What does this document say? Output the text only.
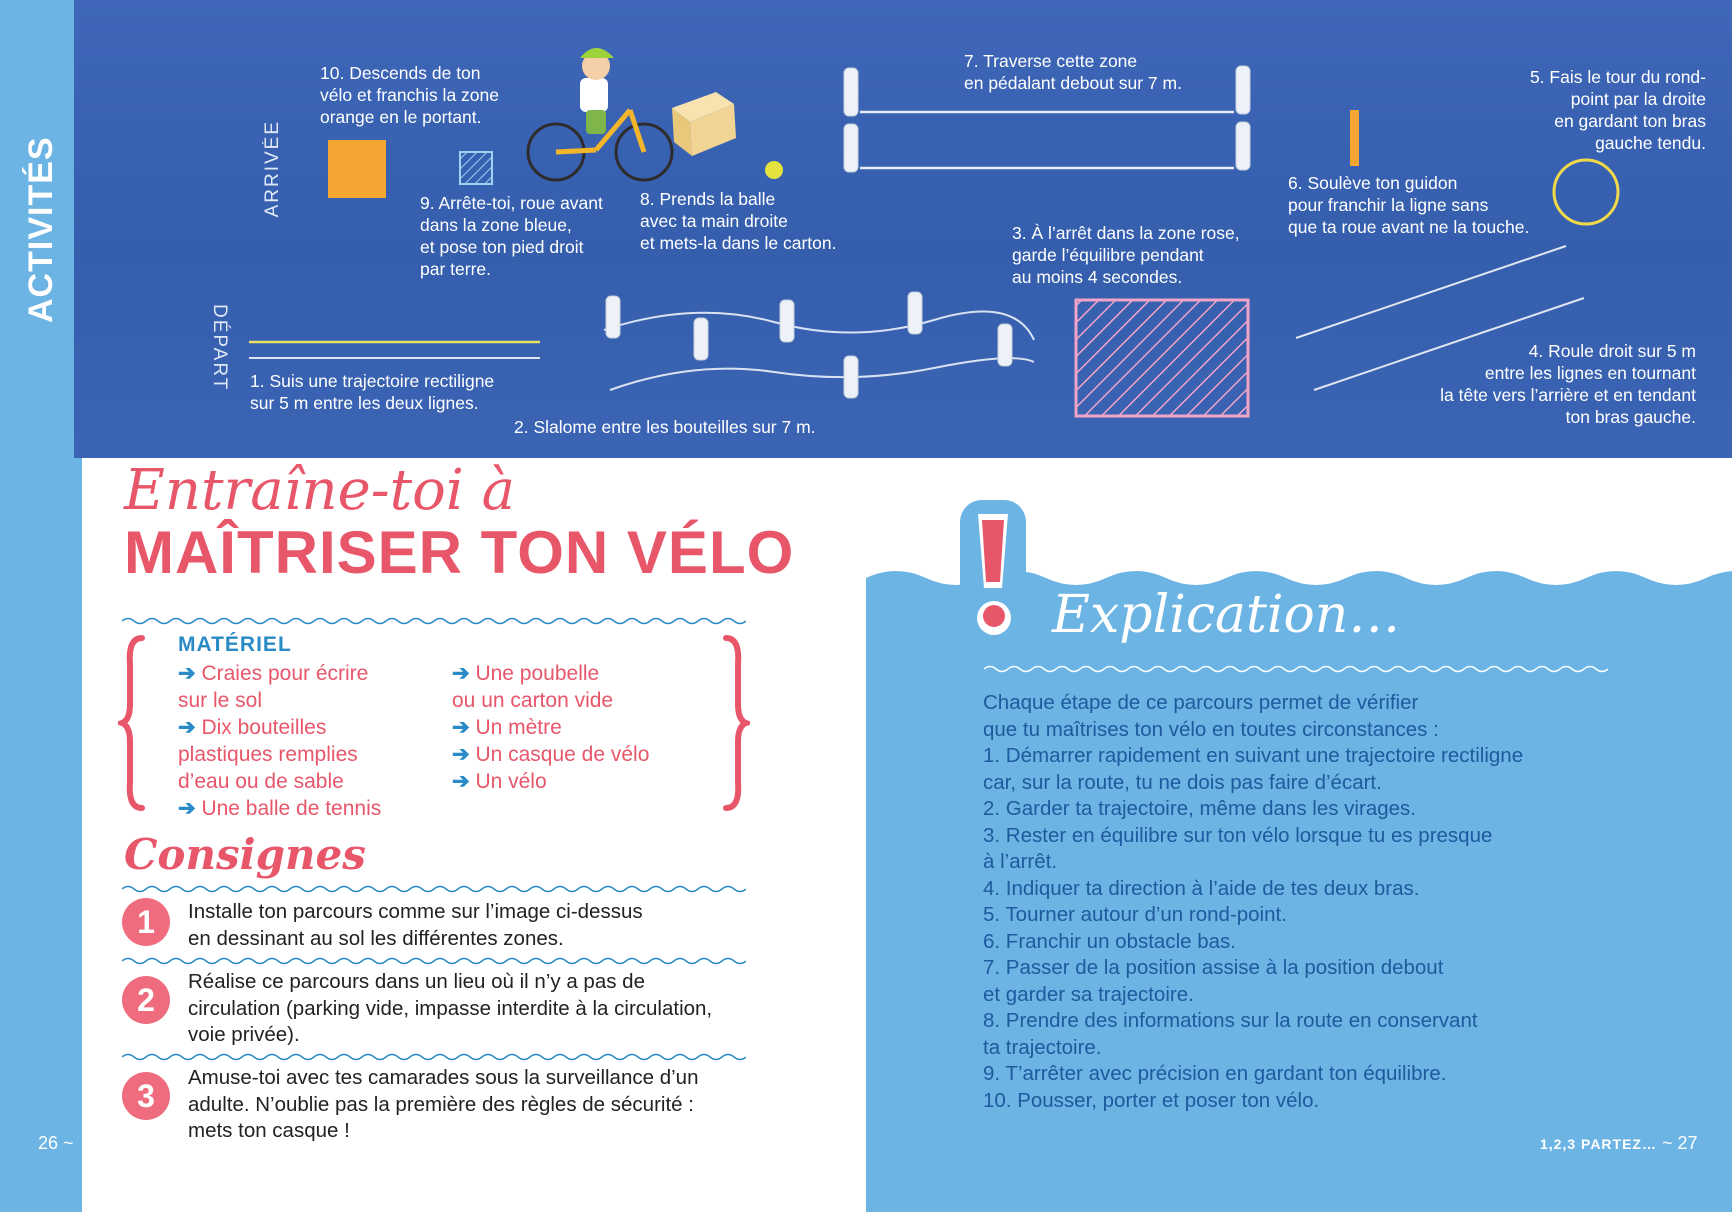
ACTIVITÉS	ARRIVÉE
DÉPART 1. Suis une trajectoire rectiligne
sur 5 m entre les deux lignes.
2. Slalome entre les bouteilles sur 7 m.
3. À l’arrêt dans la zone rose,
garde l’équilibre pendant
au moins 4 secondes.
4. Roule droit sur 5 m
entre les lignes en tournant
la tête vers l’arrière et en tendant
ton bras gauche.
5. Fais le tour du rond-
point par la droite
en gardant ton bras
gauche tendu.
6. Soulève ton guidon
pour franchir la ligne sans
que ta roue avant ne la touche.
7. Traverse cette zone
en pédalant debout sur 7 m.
8. Prends la balle
avec ta main droite
et mets-la dans le carton.
9. Arrête-toi, roue avant
dans la zone bleue,
et pose ton pied droit
par terre.
10. Descends de ton
vélo et franchis la zone
orange en le portant.
Entraîne-toi à
MAÎTRISER TON VÉLO
MATÉRIEL
➔ Craies pour écrire
sur le sol
➔ Dix bouteilles
plastiques remplies
d’eau ou de sable
➔ Une balle de tennis
➔ Une poubelle
ou un carton vide
➔ Un mètre
➔ Un casque de vélo
➔ Un vélo
Consignes
1	Installe ton parcours comme sur l’image ci-dessus
en dessinant au sol les différentes zones.
2
Réalise ce parcours dans un lieu où il n’y a pas de
circulation (parking vide, impasse interdite à la circulation,
voie privée).
3
Amuse-toi avec tes camarades sous la surveillance d’un
adulte. N’oublie pas la première des règles de sécurité :
mets ton casque !
Explication…
Chaque étape de ce parcours permet de vérifier
que tu maîtrises ton vélo en toutes circonstances :
1. Démarrer rapidement en suivant une trajectoire rectiligne
car, sur la route, tu ne dois pas faire d’écart.
2. Garder ta trajectoire, même dans les virages.
3. Rester en équilibre sur ton vélo lorsque tu es presque
à l’arrêt.
4. Indiquer ta direction à l’aide de tes deux bras.
5. Tourner autour d’un rond-point.
6. Franchir un obstacle bas.
7. Passer de la position assise à la position debout
et garder sa trajectoire.
8. Prendre des informations sur la route en conservant
ta trajectoire.
9. T’arrêter avec précision en gardant ton équilibre.
10. Pousser, porter et poser ton vélo.
26 ~	1,2,3 PARTEZ… ~ 27
